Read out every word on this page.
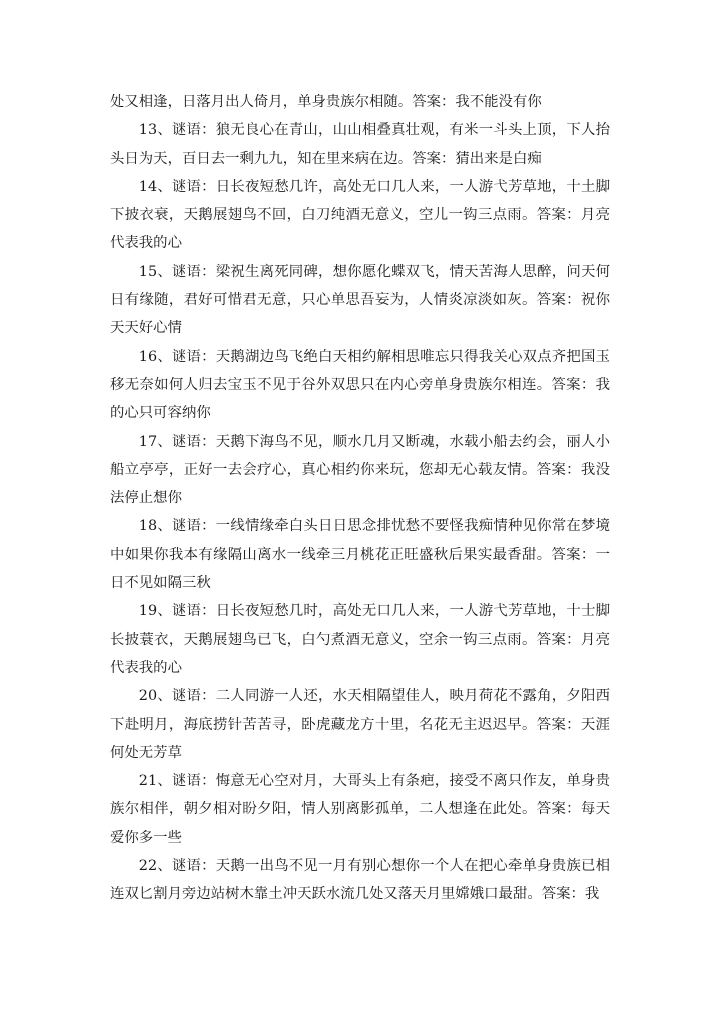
处又相逢，日落月出人倚月，单身贵族尔相随。答案：我不能没有你

13、谜语：狼无良心在青山，山山相叠真壮观，有米一斗头上顶，下人抬头日为天，百日去一剩九九，知在里来病在边。答案：猜出来是白痴

14、谜语：日长夜短愁几许，高处无口几人来，一人游弋芳草地，十土脚下披衣衰，天鹅展翅鸟不回，白刀纯酒无意义，空儿一钩三点雨。答案：月亮代表我的心

15、谜语：梁祝生离死同碑，想你愿化蝶双飞，情天苦海人思醉，问天何日有缘随，君好可惜君无意，只心单思吾妄为，人情炎凉淡如灰。答案：祝你天天好心情

16、谜语：天鹅湖边鸟飞绝白天相约解相思唯忘只得我关心双点齐把国玉移无奈如何人归去宝玉不见于谷外双思只在内心旁单身贵族尔相连。答案：我的心只可容纳你

17、谜语：天鹅下海鸟不见，顺水几月又断魂，水载小船去约会，丽人小船立亭亭，正好一去会疗心，真心相约你来玩，您却无心载友情。答案：我没法停止想你

18、谜语：一线情缘牵白头日日思念排忧愁不要怪我痴情种见你常在梦境中如果你我本有缘隔山离水一线牵三月桃花正旺盛秋后果实最香甜。答案：一日不见如隔三秋

19、谜语：日长夜短愁几时，高处无口几人来，一人游弋芳草地，十士脚长披蓑衣，天鹅展翅鸟已飞，白勺煮酒无意义，空余一钩三点雨。答案：月亮代表我的心

20、谜语：二人同游一人还，水天相隔望佳人，映月荷花不露角，夕阳西下赴明月，海底捞针苦苦寻，卧虎藏龙方十里，名花无主迟迟早。答案：天涯何处无芳草

21、谜语：悔意无心空对月，大哥头上有条疤，接受不离只作友，单身贵族尔相伴，朝夕相对盼夕阳，情人别离影孤单，二人想逢在此处。答案：每天爱你多一些

22、谜语：天鹅一出鸟不见一月有别心想你一个人在把心牵单身贵族已相连双匕割月旁边站树木靠土冲天跃水流几处又落天月里嫦娥口最甜。答案：我
